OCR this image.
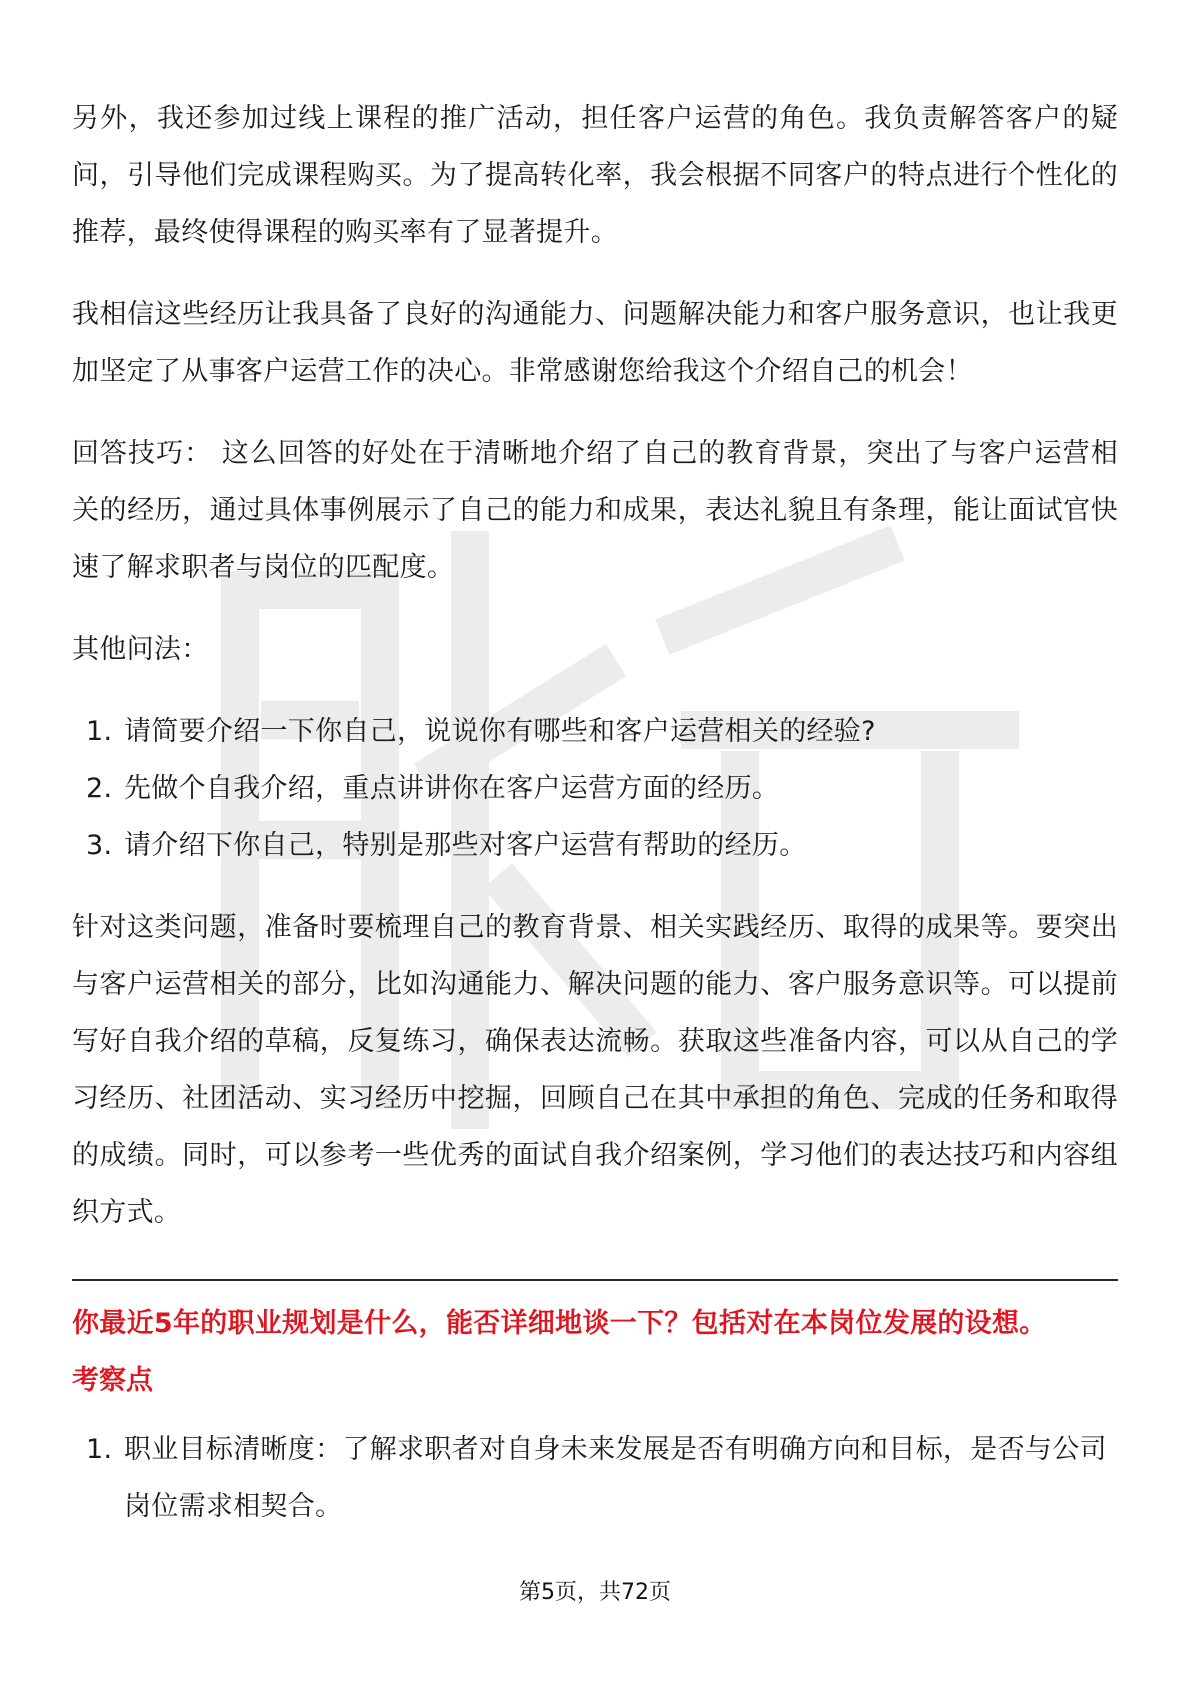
另外，我还参加过线上课程的推广活动，担任客户运营的角色。我负责解答客户的疑问，引导他们完成课程购买。为了提高转化率，我会根据不同客户的特点进行个性化的推荐，最终使得课程的购买率有了显著提升。

我相信这些经历让我具备了良好的沟通能力、问题解决能力和客户服务意识，也让我更加坚定了从事客户运营工作的决心。非常感谢您给我这个介绍自己的机会！

回答技巧： 这么回答的好处在于清晰地介绍了自己的教育背景，突出了与客户运营相关的经历，通过具体事例展示了自己的能力和成果，表达礼貌且有条理，能让面试官快速了解求职者与岗位的匹配度。

其他问法：

1. 请简要介绍一下你自己，说说你有哪些和客户运营相关的经验?
2. 先做个自我介绍，重点讲讲你在客户运营方面的经历。
3. 请介绍下你自己，特别是那些对客户运营有帮助的经历。

针对这类问题，准备时要梳理自己的教育背景、相关实践经历、取得的成果等。要突出与客户运营相关的部分，比如沟通能力、解决问题的能力、客户服务意识等。可以提前写好自我介绍的草稿，反复练习，确保表达流畅。获取这些准备内容，可以从自己的学习经历、社团活动、实习经历中挖掘，回顾自己在其中承担的角色、完成的任务和取得的成绩。同时，可以参考一些优秀的面试自我介绍案例，学习他们的表达技巧和内容组织方式。

你最近5年的职业规划是什么，能否详细地谈一下？包括对在本岗位发展的设想。

考察点

1. 职业目标清晰度：了解求职者对自身未来发展是否有明确方向和目标，是否与公司岗位需求相契合。
第5页，共72页
